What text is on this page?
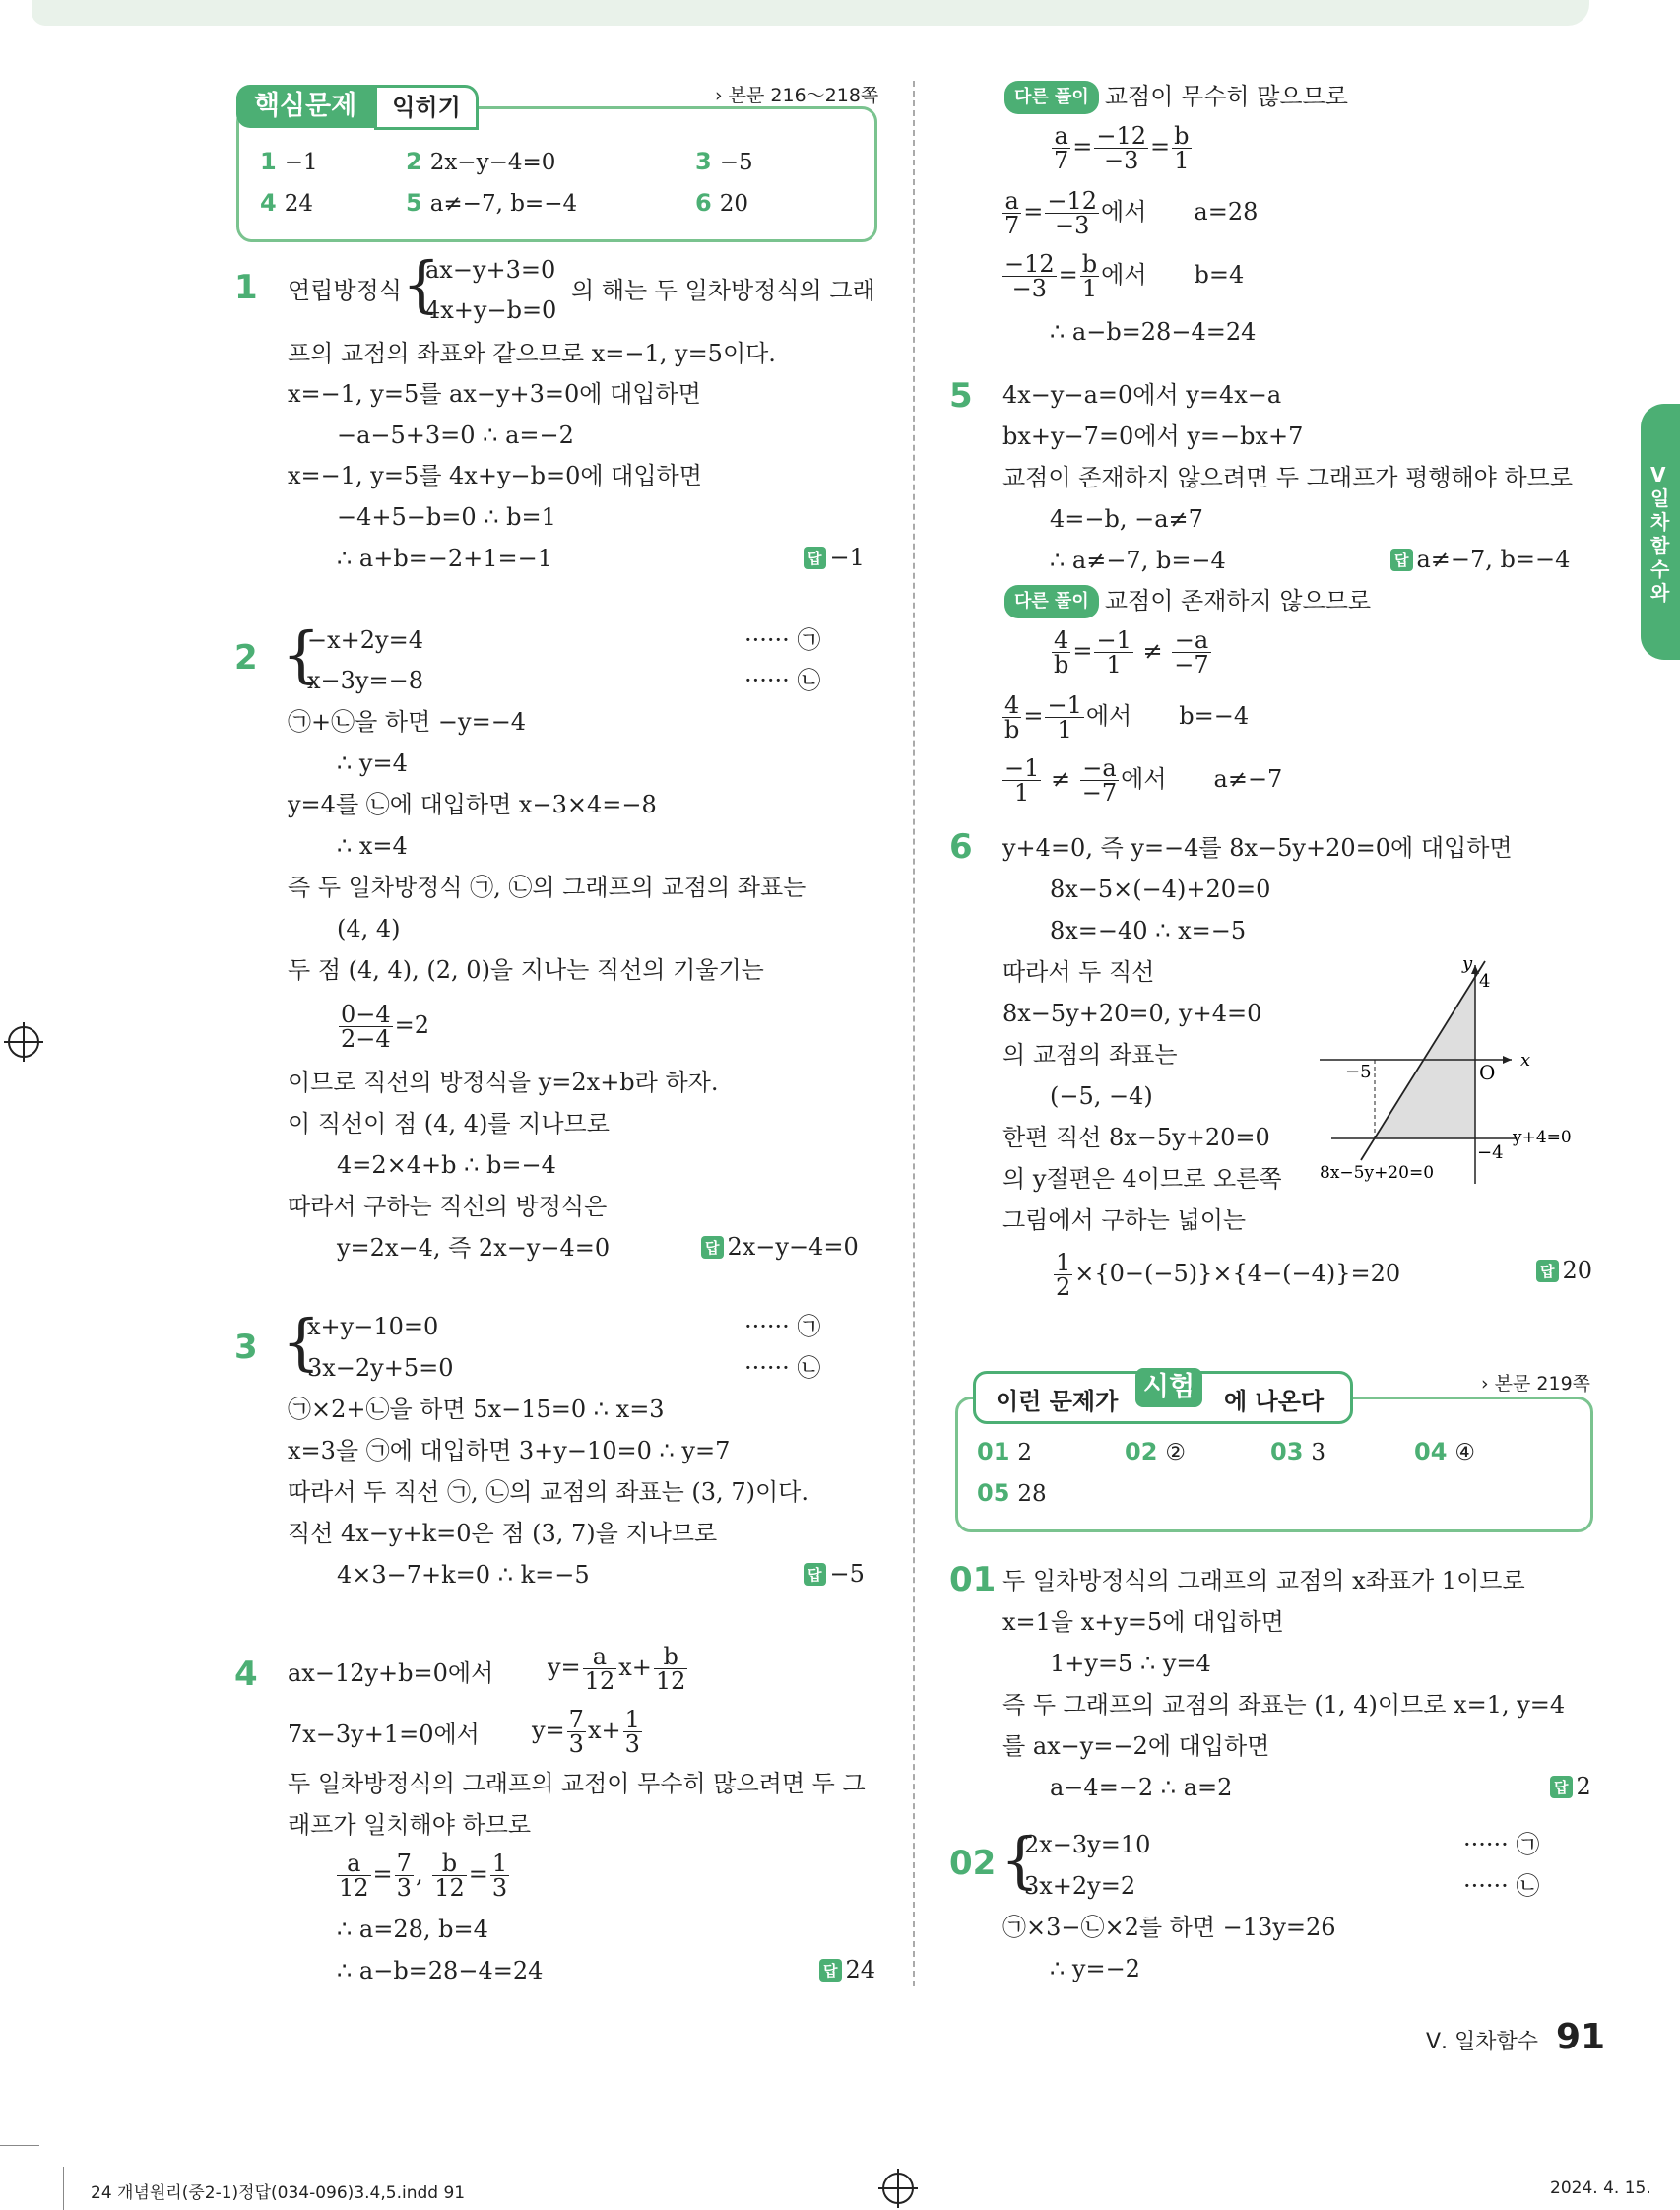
핵심문제	익히기	› 본문 216～218쪽
1 −1	2 2x−y−4=0	3 −5
4 24	5 a≠−7, b=−4	6 20
1 연립방정식 {
ax−y+3=0
4x+y−b=0
의 해는 두 일차방정식의 그래
프의 교점의 좌표와 같으므로 x=−1, y=5이다.
x=−1, y=5를 ax−y+3=0에 대입하면
−a−5+3=0 ∴ a=−2
x=−1, y=5를 4x+y−b=0에 대입하면
−4+5−b=0 ∴ b=1
∴ a+b=−2+1=−1	답 −1
2 {
−x+2y=4
x−3y=−8
······ ㉠
······ ㉡
㉠+㉡을 하면 −y=−4
∴ y=4
y=4를 ㉡에 대입하면 x−3×4=−8
∴ x=4
즉 두 일차방정식 ㉠, ㉡의 그래프의 교점의 좌표는
(4, 4)
두 점 (4, 4), (2, 0)을 지나는 직선의 기울기는
$\frac{0-4}{2-4} =2$
이므로 직선의 방정식을 y=2x+b라 하자.
이 직선이 점 (4, 4)를 지나므로
4=2×4+b ∴ b=−4
따라서 구하는 직선의 방정식은
y=2x−4, 즉 2x−y−4=0	답 2x−y−4=0
3 {
x+y−10=0
3x−2y+5=0
······ ㉠
······ ㉡
㉠×2+㉡을 하면 5x−15=0 ∴ x=3
x=3을 ㉠에 대입하면 3+y−10=0 ∴ y=7
따라서 두 직선 ㉠, ㉡의 교점의 좌표는 (3, 7)이다.
직선 4x−y+k=0은 점 (3, 7)을 지나므로
4×3−7+k=0 ∴ k=−5	답 −5
4 ax−12y+b=0에서 $y= \frac{a}{12} x+ \frac{b}{12}$
7x−3y+1=0에서 $y= \frac{7}{3} x+ \frac{1}{3}$
두 일차방정식의 그래프의 교점이 무수히 많으려면 두 그
래프가 일치해야 하므로
$\frac{a}{12} = \frac{7}{3}$ , $\frac{b}{12} = \frac{1}{3}$
∴ a=28, b=4
∴ a−b=28−4=24	답 24
다른 풀이 교점이 무수히 많으므로
$\frac{a}{7} = \frac{-12}{-3} = \frac{b}{1}$
$\frac{a}{7} = \frac{-12}{-3}$ 에서 a=28
$\frac{-12}{-3} = \frac{b}{1}$ 에서 b=4
∴ a−b=28−4=24
5 4x−y−a=0에서 y=4x−a
bx+y−7=0에서 y=−bx+7
교점이 존재하지 않으려면 두 그래프가 평행해야 하므로
4=−b, −a≠7
∴ a≠−7, b=−4	답 a≠−7, b=−4
다른 풀이 교점이 존재하지 않으므로
$\frac{4}{b} = \frac{-1}{1} \ne \frac{-a}{-7}$
$\frac{4}{b} = \frac{-1}{1}$ 에서 b=−4
$\frac{-1}{1} \ne \frac{-a}{-7}$ 에서 a≠−7
6 y+4=0, 즉 y=−4를 8x−5y+20=0에 대입하면
8x−5×(−4)+20=0
8x=−40 ∴ x=−5
따라서 두 직선
8x−5y+20=0, y+4=0
의 교점의 좌표는
(−5, −4)
한편 직선 8x−5y+20=0
의 y절편은 4이므로 오른쪽
그림에서 구하는 넓이는
$\frac{1}{2} \times\{0-(-5)\}\times\{4-(-4)\}=20$	답 20
y
x
O
4
−5
−4
8x−5y+20=0
y+4=0
이런 문제가 시험	에 나온다
› 본문 219쪽
01 2	02 ②	03 3	04 ④
05 28
01 두 일차방정식의 그래프의 교점의 x좌표가 1이므로
x=1을 x+y=5에 대입하면
1+y=5 ∴ y=4
즉 두 그래프의 교점의 좌표는 (1, 4)이므로 x=1, y=4
를 ax−y=−2에 대입하면
a−4=−2 ∴ a=2	답 2
02 {
2x−3y=10
3x+2y=2
······ ㉠
······ ㉡
㉠×3−㉡×2를 하면 −13y=26
∴ y=−2
Ⅴ 일차함수와
Ⅴ. 일차함수 91
24 개념원리(중2-1)정답(034-096)3.4,5.indd 91	2024. 4. 15.
